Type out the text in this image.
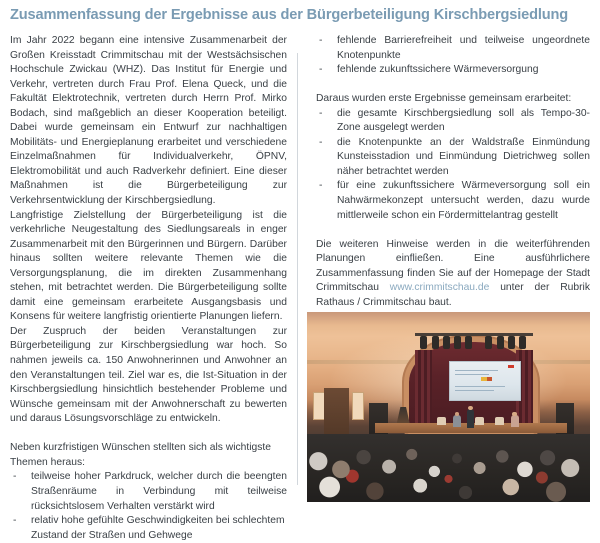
Zusammenfassung der Ergebnisse aus der Bürgerbeteiligung Kirschbergsiedlung

Im Jahr 2022 begann eine intensive Zusammenarbeit der Großen Kreisstadt Crimmitschau mit der Westsächsischen Hochschule Zwickau (WHZ). Das Institut für Energie und Verkehr, vertreten durch Frau Prof. Elena Queck, und die Fakultät Elektrotechnik, vertreten durch Herrn Prof. Mirko Bodach, sind maßgeblich an dieser Kooperation beteiligt. Dabei wurde gemeinsam ein Entwurf zur nachhaltigen Mobilitäts- und Energieplanung erarbeitet und verschiedene Einzelmaßnahmen für Individualverkehr, ÖPNV, Elektromobilität und auch Radverkehr definiert. Eine dieser Maßnahmen ist die Bürgerbeteiligung zur Verkehrsentwicklung der Kirschbergsiedlung.

Langfristige Zielstellung der Bürgerbeteiligung ist die verkehrliche Neugestaltung des Siedlungsareals in enger Zusammenarbeit mit den Bürgerinnen und Bürgern. Darüber hinaus sollten weitere relevante Themen wie die Versorgungsplanung, die im direkten Zusammenhang stehen, mit betrachtet werden. Die Bürgerbeteiligung sollte damit eine gemeinsam erarbeitete Ausgangsbasis und Konsens für weitere langfristig orientierte Planungen liefern.

Der Zuspruch der beiden Veranstaltungen zur Bürgerbeteiligung zur Kirschbergsiedlung war hoch. So nahmen jeweils ca. 150 Anwohnerinnen und Anwohner an den Veranstaltungen teil. Ziel war es, die Ist-Situation in der Kirschbergsiedlung hinsichtlich bestehender Probleme und Wünsche gemeinsam mit der Anwohnerschaft zu bewerten und daraus Lösungsvorschläge zu entwickeln.

Neben kurzfristigen Wünschen stellten sich als wichtigste Themen heraus:

- teilweise hoher Parkdruck, welcher durch die beengten Straßenräume in Verbindung mit teilweise rücksichtslosem Verhalten verstärkt wird
- relativ hohe gefühlte Geschwindigkeiten bei schlechtem Zustand der Straßen und Gehwege
- fehlende Barrierefreiheit und teilweise ungeordnete Knotenpunkte
- fehlende zukunftssichere Wärmeversorgung

Daraus wurden erste Ergebnisse gemeinsam erarbeitet:

- die gesamte Kirschbergsiedlung soll als Tempo-30-Zone ausgelegt werden
- die Knotenpunkte an der Waldstraße Einmündung Kunsteisstadion und Einmündung Dietrichweg sollen näher betrachtet werden
- für eine zukunftssichere Wärmeversorgung soll ein Nahwärmekonzept untersucht werden, dazu wurde mittlerweile schon ein Fördermittelantrag gestellt

Die weiteren Hinweise werden in die weiterführenden Planungen einfließen. Eine ausführlichere Zusammenfassung finden Sie auf der Homepage der Stadt Crimmitschau www.crimmitschau.de unter der Rubrik Rathaus / Crimmitschau baut.
